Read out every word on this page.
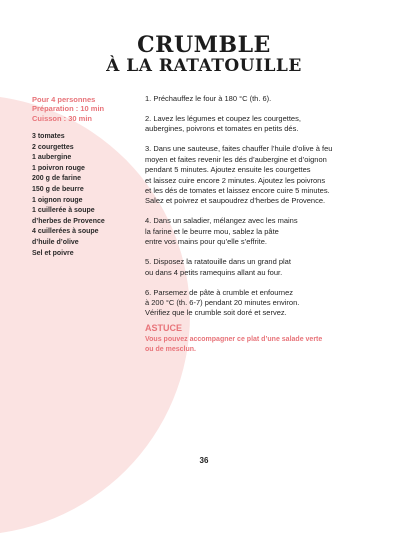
CRUMBLE
À LA RATATOUILLE
Pour 4 personnes
Préparation : 10 min
Cuisson : 30 min
3 tomates
2 courgettes
1 aubergine
1 poivron rouge
200 g de farine
150 g de beurre
1 oignon rouge
1 cuillerée à soupe
d’herbes de Provence
4 cuillerées à soupe
d’huile d’olive
Sel et poivre

1. Préchauffez le four à 180 °C (th. 6).

2. Lavez les légumes et coupez les courgettes,
aubergines, poivrons et tomates en petits dés.

3. Dans une sauteuse, faites chauffer l’huile d’olive à feu
moyen et faites revenir les dés d’aubergine et d’oignon
pendant 5 minutes. Ajoutez ensuite les courgettes
et laissez cuire encore 2 minutes. Ajoutez les poivrons
et les dés de tomates et laissez encore cuire 5 minutes.
Salez et poivrez et saupoudrez d’herbes de Provence.

4. Dans un saladier, mélangez avec les mains
la farine et le beurre mou, sablez la pâte
entre vos mains pour qu’elle s’effrite.

5. Disposez la ratatouille dans un grand plat
ou dans 4 petits ramequins allant au four.

6. Parsemez de pâte à crumble et enfournez
à 200 °C (th. 6-7) pendant 20 minutes environ.
Vérifiez que le crumble soit doré et servez.

ASTUCE
Vous pouvez accompagner ce plat d’une salade verte
ou de mesclun.
36
